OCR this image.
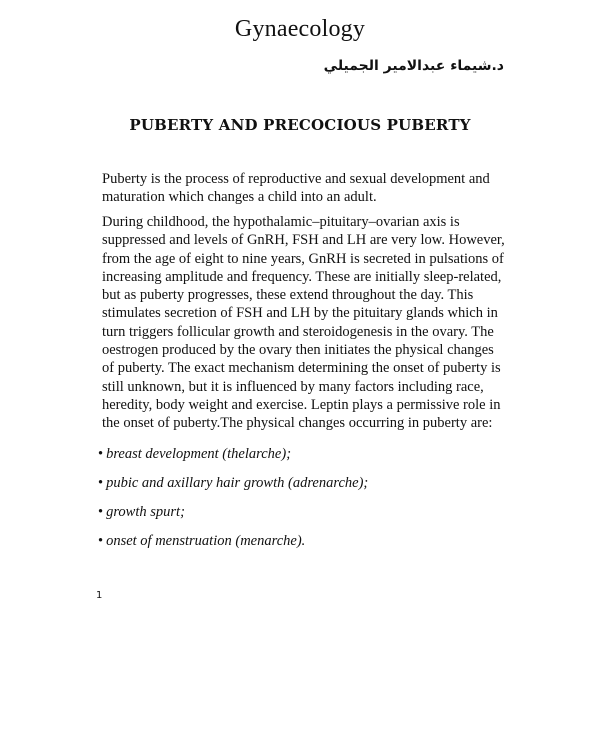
Gynaecology
د.شيماء عبدالامير الجميلي
PUBERTY AND PRECOCIOUS PUBERTY

Puberty is the process of reproductive and sexual development and maturation which changes a child into an adult.

During childhood, the hypothalamic–pituitary–ovarian axis is suppressed and levels of GnRH, FSH and LH are very low. However, from the age of eight to nine years, GnRH is secreted in pulsations of increasing amplitude and frequency. These are initially sleep-related, but as puberty progresses, these extend throughout the day. This stimulates secretion of FSH and LH by the pituitary glands which in turn triggers follicular growth and steroidogenesis in the ovary. The oestrogen produced by the ovary then initiates the physical changes of puberty. The exact mechanism determining the onset of puberty is still unknown, but it is influenced by many factors including race, heredity, body weight and exercise. Leptin plays a permissive role in the onset of puberty.The physical changes occurring in puberty are:

• breast development (thelarche);
• pubic and axillary hair growth (adrenarche);
• growth spurt;
• onset of menstruation (menarche).
1
